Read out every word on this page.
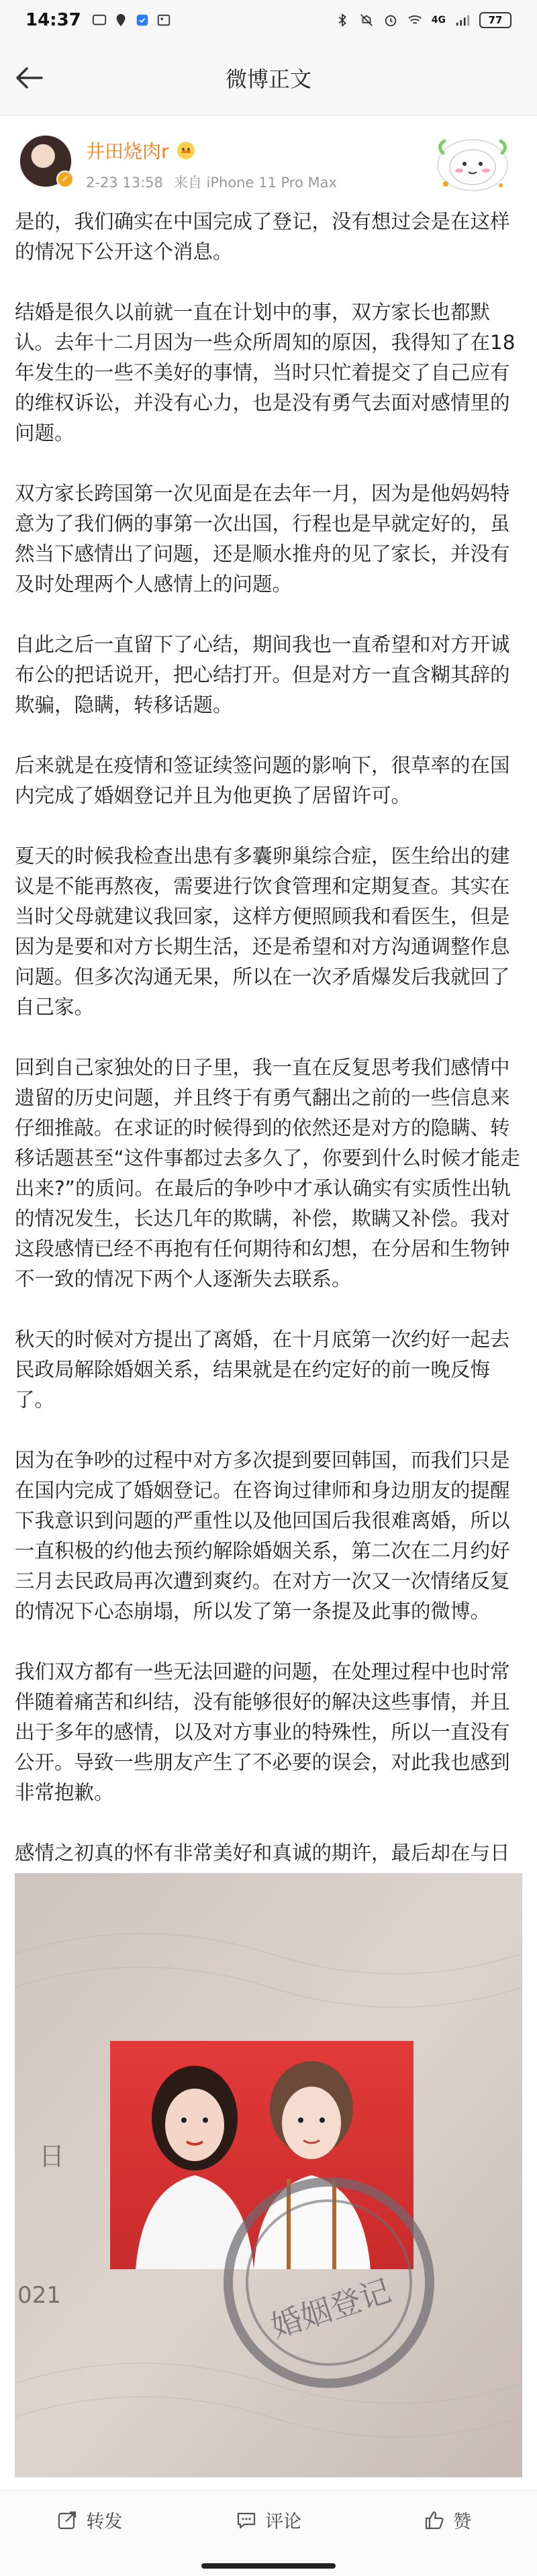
14:37	4G	77
微博正文
✓
井田烧肉r
2-23 13:58 来自 iPhone 11 Pro Max

是的，我们确实在中国完成了登记，没有想过会是在这样的情况下公开这个消息。

结婚是很久以前就一直在计划中的事，双方家长也都默认。去年十二月因为一些众所周知的原因，我得知了在18年发生的一些不美好的事情，当时只忙着提交了自己应有的维权诉讼，并没有心力，也是没有勇气去面对感情里的问题。

双方家长跨国第一次见面是在去年一月，因为是他妈妈特意为了我们俩的事第一次出国，行程也是早就定好的，虽然当下感情出了问题，还是顺水推舟的见了家长，并没有及时处理两个人感情上的问题。

自此之后一直留下了心结，期间我也一直希望和对方开诚布公的把话说开，把心结打开。但是对方一直含糊其辞的欺骗，隐瞒，转移话题。

后来就是在疫情和签证续签问题的影响下，很草率的在国内完成了婚姻登记并且为他更换了居留许可。

夏天的时候我检查出患有多囊卵巢综合症，医生给出的建议是不能再熬夜，需要进行饮食管理和定期复查。其实在当时父母就建议我回家，这样方便照顾我和看医生，但是因为是要和对方长期生活，还是希望和对方沟通调整作息问题。但多次沟通无果，所以在一次矛盾爆发后我就回了自己家。

回到自己家独处的日子里，我一直在反复思考我们感情中遗留的历史问题，并且终于有勇气翻出之前的一些信息来仔细推敲。在求证的时候得到的依然还是对方的隐瞒、转移话题甚至“这件事都过去多久了，你要到什么时候才能走出来?”的质问。在最后的争吵中才承认确实有实质性出轨的情况发生，长达几年的欺瞒，补偿，欺瞒又补偿。我对这段感情已经不再抱有任何期待和幻想，在分居和生物钟不一致的情况下两个人逐渐失去联系。

秋天的时候对方提出了离婚，在十月底第一次约好一起去民政局解除婚姻关系，结果就是在约定好的前一晚反悔了。

因为在争吵的过程中对方多次提到要回韩国，而我们只是在国内完成了婚姻登记。在咨询过律师和身边朋友的提醒下我意识到问题的严重性以及他回国后我很难离婚，所以一直积极的约他去预约解除婚姻关系，第二次在二月约好三月去民政局再次遭到爽约。在对方一次又一次情绪反复的情况下心态崩塌，所以发了第一条提及此事的微博。

我们双方都有一些无法回避的问题，在处理过程中也时常伴随着痛苦和纠结，没有能够很好的解决这些事情，并且出于多年的感情，以及对方事业的特殊性，所以一直没有公开。导致一些朋友产生了不必要的误会，对此我也感到非常抱歉。

感情之初真的怀有非常美好和真诚的期许，最后却在与日

婚姻登记
日
021
转发	评论	赞
